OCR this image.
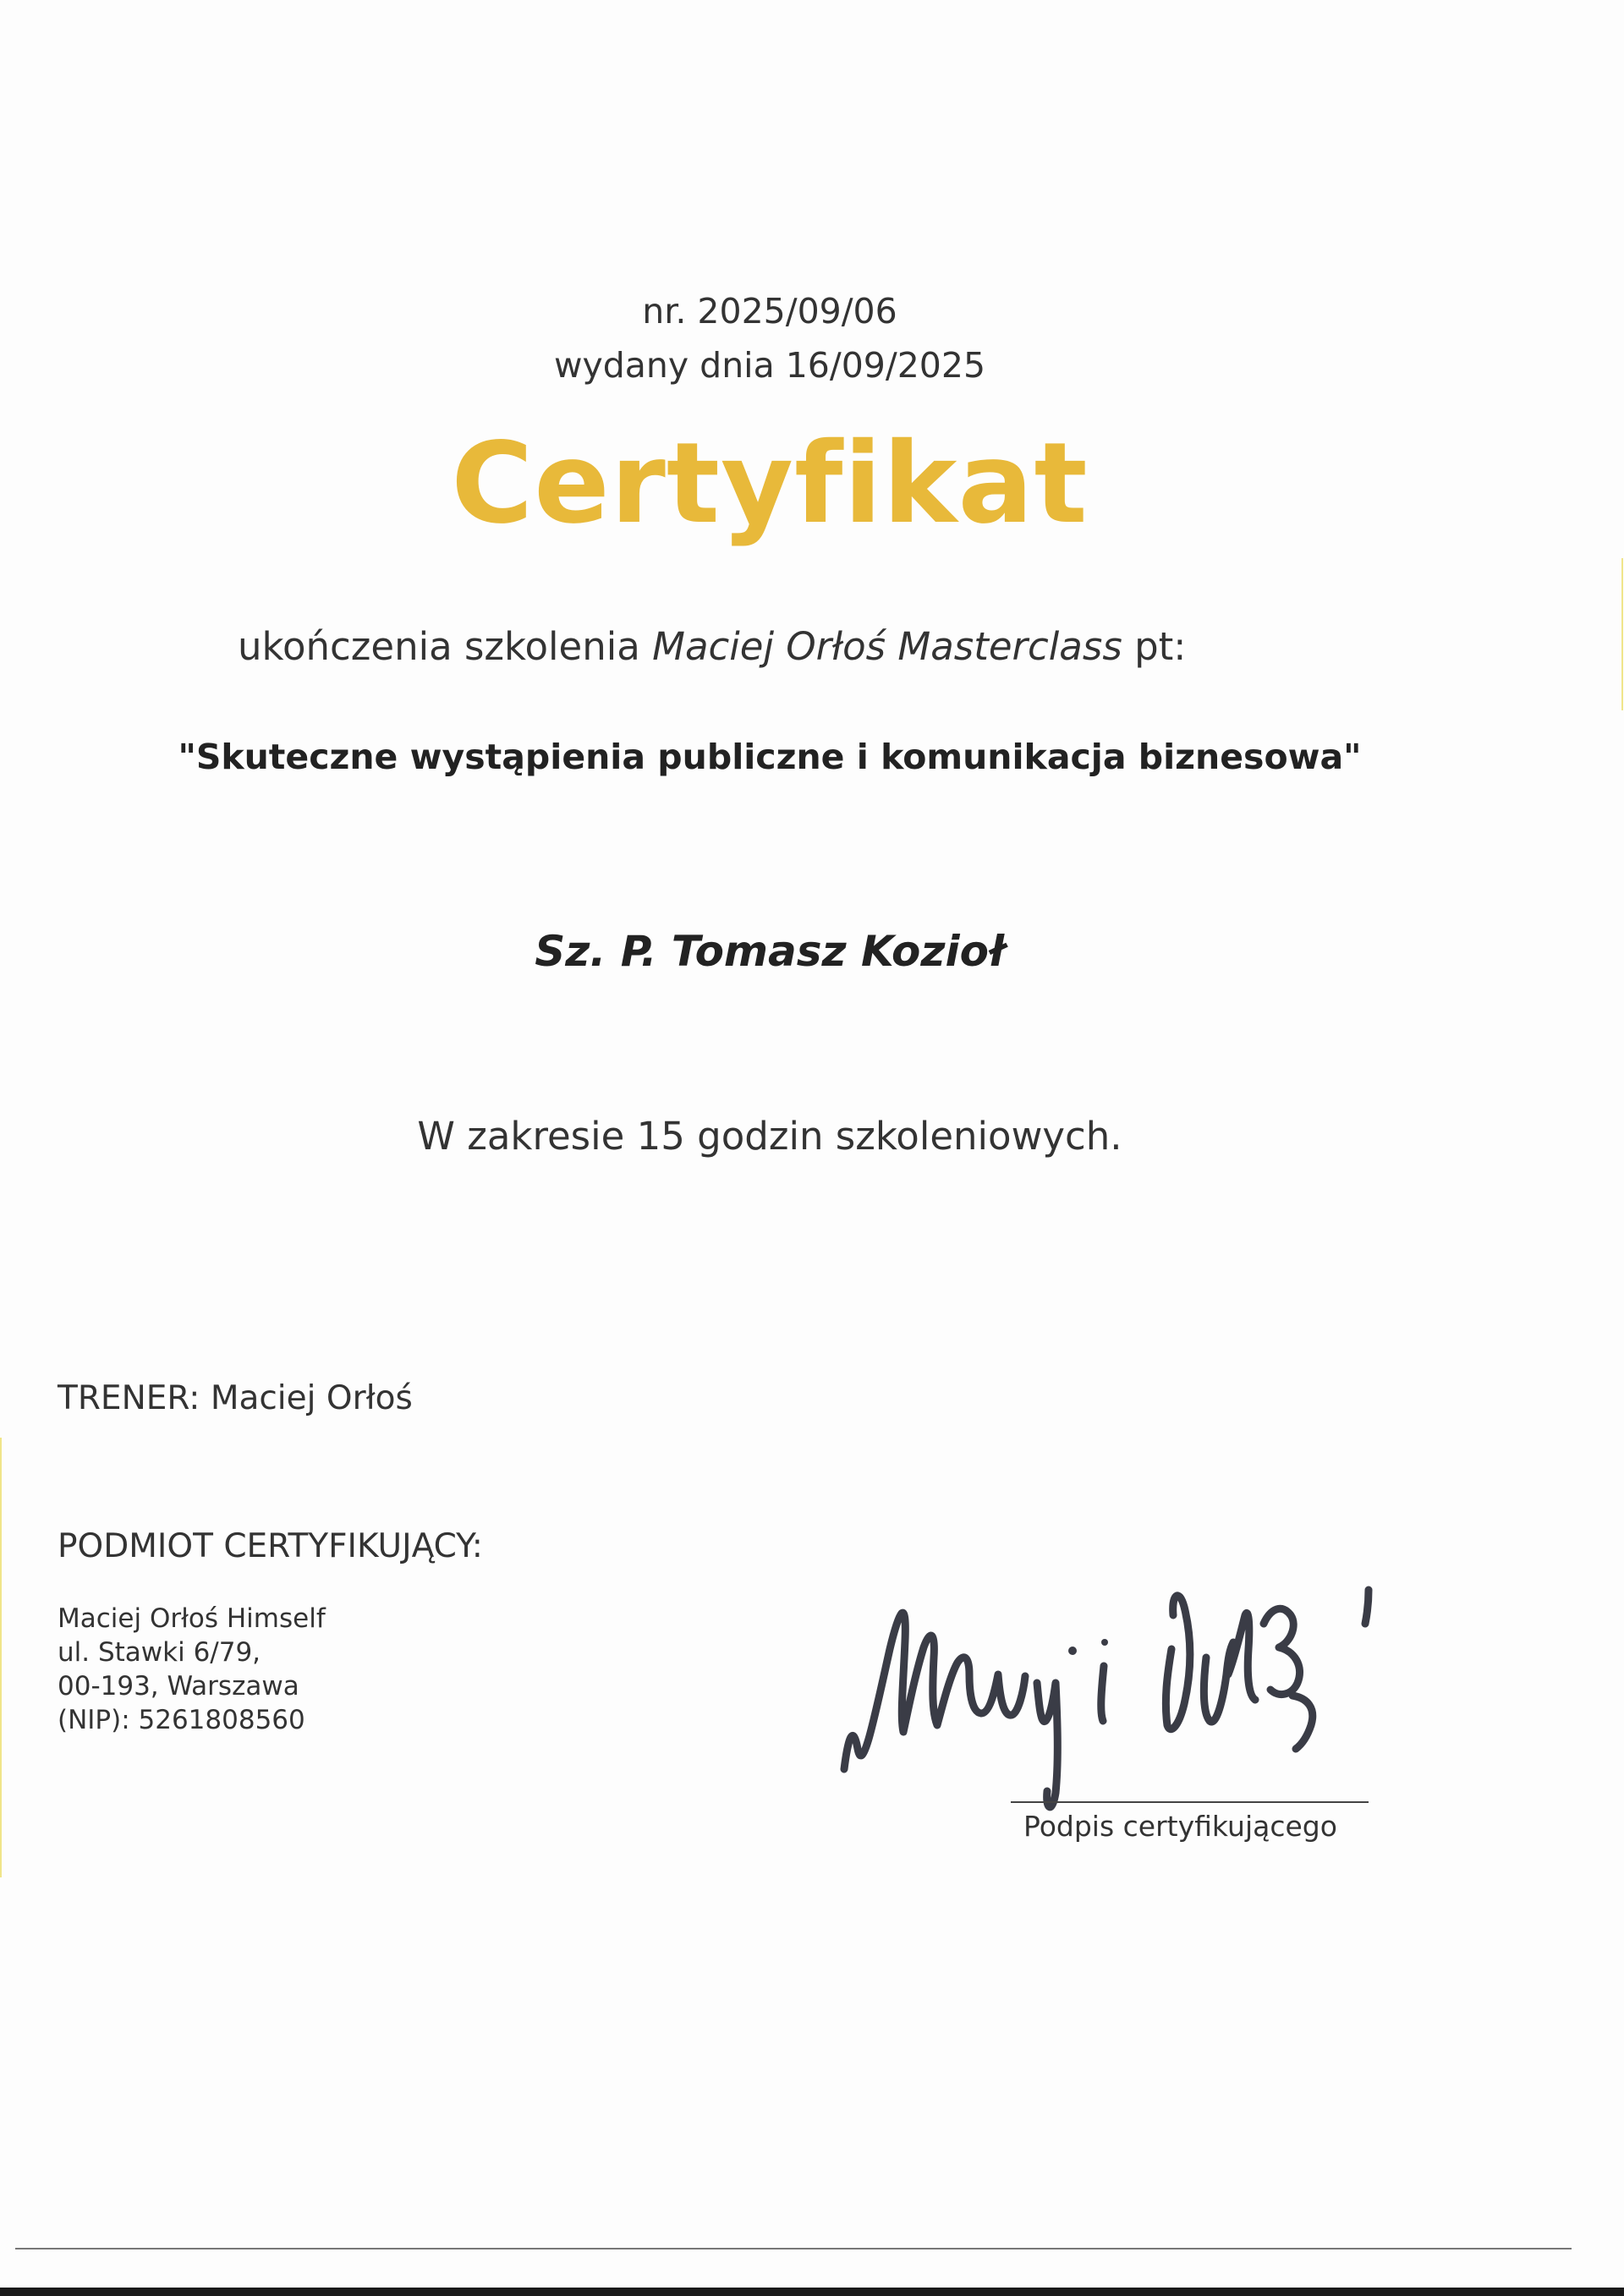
nr. 2025/09/06
wydany dnia 16/09/2025
Certyfikat
ukończenia szkolenia Maciej Orłoś Masterclass pt:
"Skuteczne wystąpienia publiczne i komunikacja biznesowa"
Sz. P. Tomasz Kozioł
W zakresie 15 godzin szkoleniowych.
TRENER: Maciej Orłoś
PODMIOT CERTYFIKUJĄCY:
Maciej Orłoś Himself
ul. Stawki 6/79,
00-193, Warszawa
(NIP): 5261808560
Podpis certyfikującego
